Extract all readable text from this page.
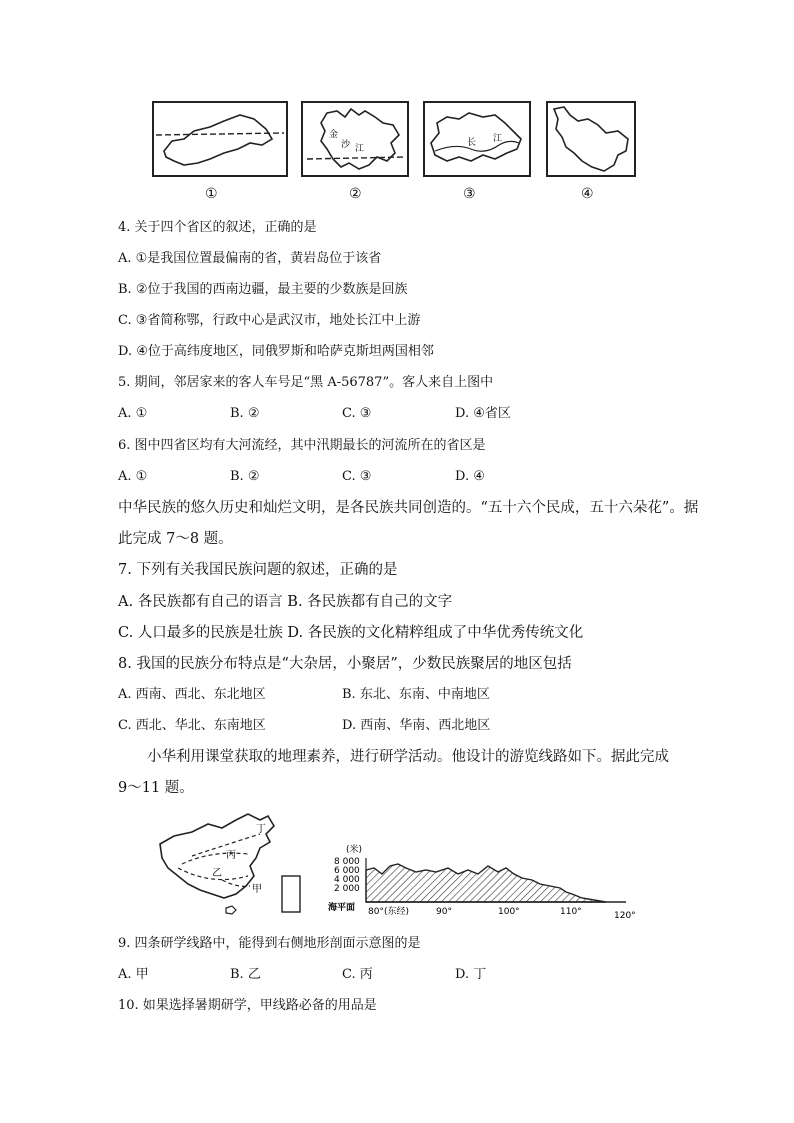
金
沙 江
长 江
①	②	③	④
4. 关于四个省区的叙述，正确的是
A. ①是我国位置最偏南的省，黄岩岛位于该省
B. ②位于我国的西南边疆，最主要的少数族是回族
C. ③省简称鄂，行政中心是武汉市，地处长江中上游
D. ④位于高纬度地区，同俄罗斯和哈萨克斯坦两国相邻
5. 期间，邻居家来的客人车号足“黑 A-56787”。客人来自上图中
A. ①	B. ②	C. ③	D. ④省区
6. 图中四省区均有大河流经，其中汛期最长的河流所在的省区是
A. ①	B. ②	C. ③	D. ④
中华民族的悠久历史和灿烂文明，是各民族共同创造的。“五十六个民成，五十六朵花”。据
此完成 7～8 题。
7. 下列有关我国民族问题的叙述，正确的是
A. 各民族都有自己的语言 B. 各民族都有自己的文字
C. 人口最多的民族是壮族 D. 各民族的文化精粹组成了中华优秀传统文化
8. 我国的民族分布特点是“大杂居，小聚居”，少数民族聚居的地区包括
A. 西南、西北、东北地区	B. 东北、东南、中南地区
C. 西北、华北、东南地区	D. 西南、华南、西北地区
小华利用课堂获取的地理素养，进行研学活动。他设计的游览线路如下。据此完成
9～11 题。
丁
丙
乙
甲
(米)
8 000
6 000
4 000
2 000
海平面 80°(东经)	90°	100°	110°	120°
9. 四条研学线路中，能得到右侧地形剖面示意图的是
A. 甲	B. 乙	C. 丙	D. 丁
10. 如果选择暑期研学，甲线路必备的用品是
